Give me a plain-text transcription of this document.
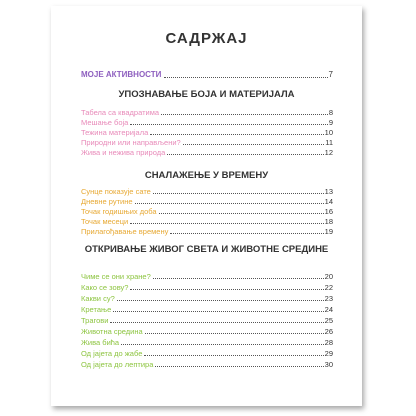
САДРЖАЈ
МОЈЕ АКТИВНОСТИ	7
УПОЗНАВАЊЕ БОЈА И МАТЕРИЈАЛА
Табела са квадратима	8
Мешање боја	9
Тежина материјала	10
Природни или направљени?	11
Жива и нежива природа	12
СНАЛАЖЕЊЕ У ВРЕМЕНУ
Сунце показује сате	13
Дневне рутине	14
Точак годишњих доба	16
Точак месеци	18
Прилагођавање времену	19
ОТКРИВАЊЕ ЖИВОГ СВЕТА И ЖИВОТНЕ СРЕДИНЕ
Чиме се они хране?	20
Како се зову?	22
Какви су?	23
Кретање	24
Трагови	25
Животна средина	26
Жива бића	28
Од јајета до жабе	29
Од јајета до лептира	30
